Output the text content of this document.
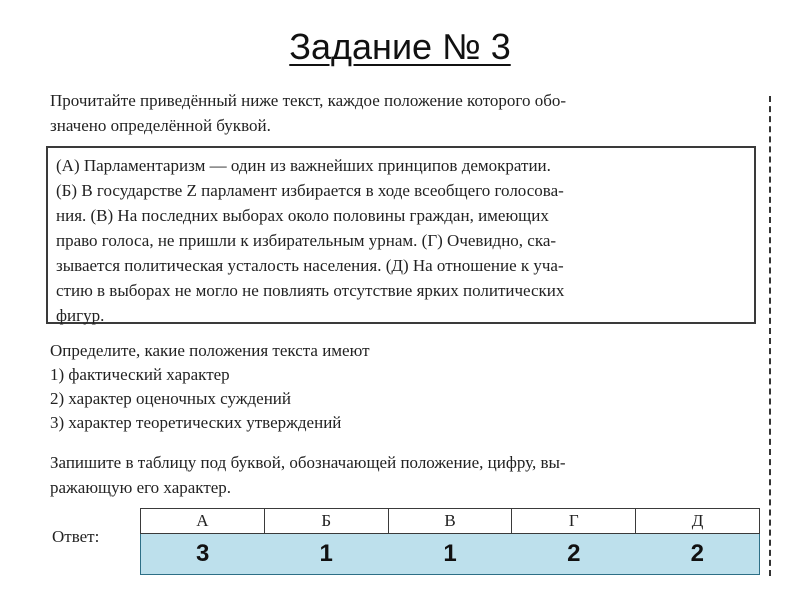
Задание № 3
Прочитайте приведённый ниже текст, каждое положение которого обо-
значено определённой буквой.
(А) Парламентаризм — один из важнейших принципов демократии.
(Б) В государстве Z парламент избирается в ходе всеобщего голосова-
ния. (В) На последних выборах около половины граждан, имеющих
право голоса, не пришли к избирательным урнам. (Г) Очевидно, ска-
зывается политическая усталость населения. (Д) На отношение к уча-
стию в выборах не могло не повлиять отсутствие ярких политических
фигур.
Определите, какие положения текста имеют
1) фактический характер
2) характер оценочных суждений
3) характер теоретических утверждений
Запишите в таблицу под буквой, обозначающей положение, цифру, вы-
ражающую его характер.
Ответ:
А	Б	В	Г	Д
3	1	1	2	2
